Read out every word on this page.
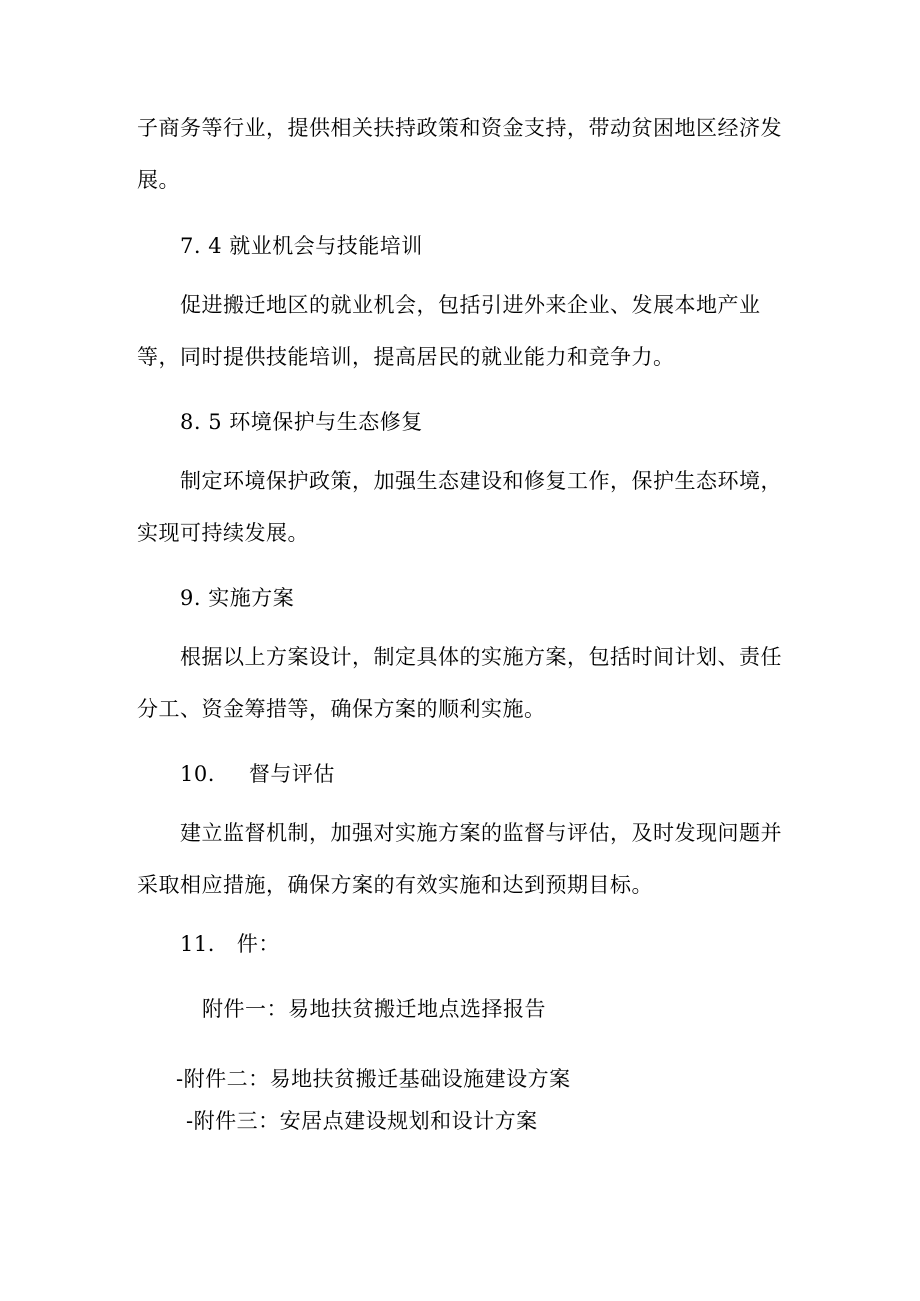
子商务等行业，提供相关扶持政策和资金支持，带动贫困地区经济发
展。
7. 4 就业机会与技能培训
促进搬迁地区的就业机会，包括引进外来企业、发展本地产业
等，同时提供技能培训，提高居民的就业能力和竞争力。
8. 5 环境保护与生态修复
制定环境保护政策，加强生态建设和修复工作，保护生态环境，
实现可持续发展。
9. 实施方案
根据以上方案设计，制定具体的实施方案，包括时间计划、责任
分工、资金筹措等，确保方案的顺利实施。
10. 督与评估
建立监督机制，加强对实施方案的监督与评估，及时发现问题并
采取相应措施，确保方案的有效实施和达到预期目标。
11. 件：
附件一：易地扶贫搬迁地点选择报告
-附件二：易地扶贫搬迁基础设施建设方案
-附件三：安居点建设规划和设计方案
